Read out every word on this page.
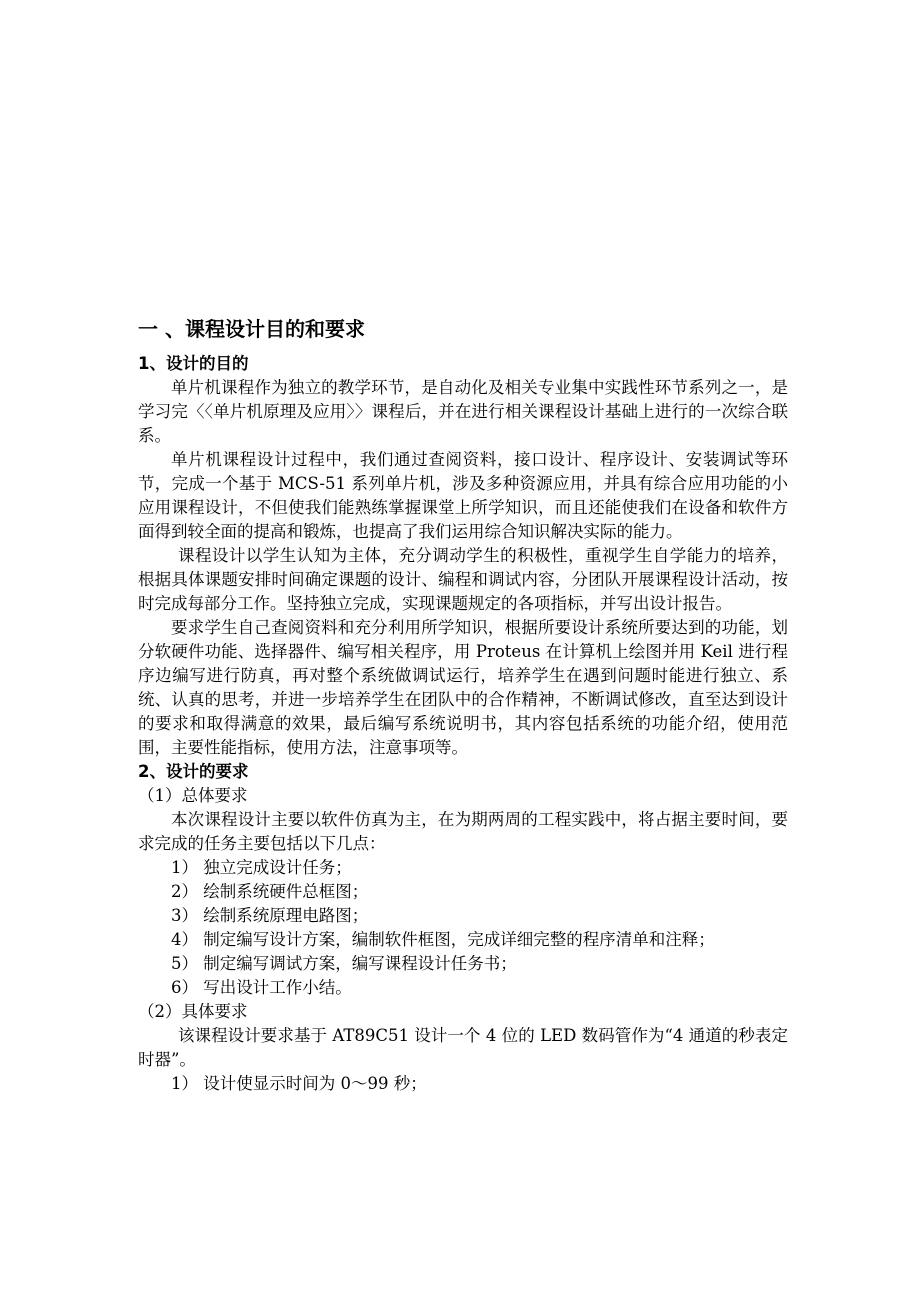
一 、课程设计目的和要求
1、设计的目的
单片机课程作为独立的教学环节，是自动化及相关专业集中实践性环节系列之一，是学习完〈〈单片机原理及应用〉〉课程后，并在进行相关课程设计基础上进行的一次综合联系。
单片机课程设计过程中，我们通过查阅资料，接口设计、程序设计、安装调试等环节，完成一个基于 MCS-51 系列单片机，涉及多种资源应用，并具有综合应用功能的小应用课程设计，不但使我们能熟练掌握课堂上所学知识，而且还能使我们在设备和软件方面得到较全面的提高和锻炼，也提高了我们运用综合知识解决实际的能力。
课程设计以学生认知为主体，充分调动学生的积极性，重视学生自学能力的培养，根据具体课题安排时间确定课题的设计、编程和调试内容，分团队开展课程设计活动，按时完成每部分工作。坚持独立完成，实现课题规定的各项指标，并写出设计报告。
要求学生自己查阅资料和充分利用所学知识，根据所要设计系统所要达到的功能，划分软硬件功能、选择器件、编写相关程序，用 Proteus 在计算机上绘图并用 Keil 进行程序边编写进行防真，再对整个系统做调试运行，培养学生在遇到问题时能进行独立、系统、认真的思考，并进一步培养学生在团队中的合作精神，不断调试修改，直至达到设计的要求和取得满意的效果，最后编写系统说明书，其内容包括系统的功能介绍，使用范围，主要性能指标，使用方法，注意事项等。
2、设计的要求
（1）总体要求
本次课程设计主要以软件仿真为主，在为期两周的工程实践中，将占据主要时间，要求完成的任务主要包括以下几点：
1） 独立完成设计任务；
2） 绘制系统硬件总框图；
3） 绘制系统原理电路图；
4） 制定编写设计方案，编制软件框图，完成详细完整的程序清单和注释；
5） 制定编写调试方案，编写课程设计任务书；
6） 写出设计工作小结。
（2）具体要求
该课程设计要求基于 AT89C51 设计一个 4 位的 LED 数码管作为“4 通道的秒表定时器”。
1） 设计使显示时间为 0～99 秒；
